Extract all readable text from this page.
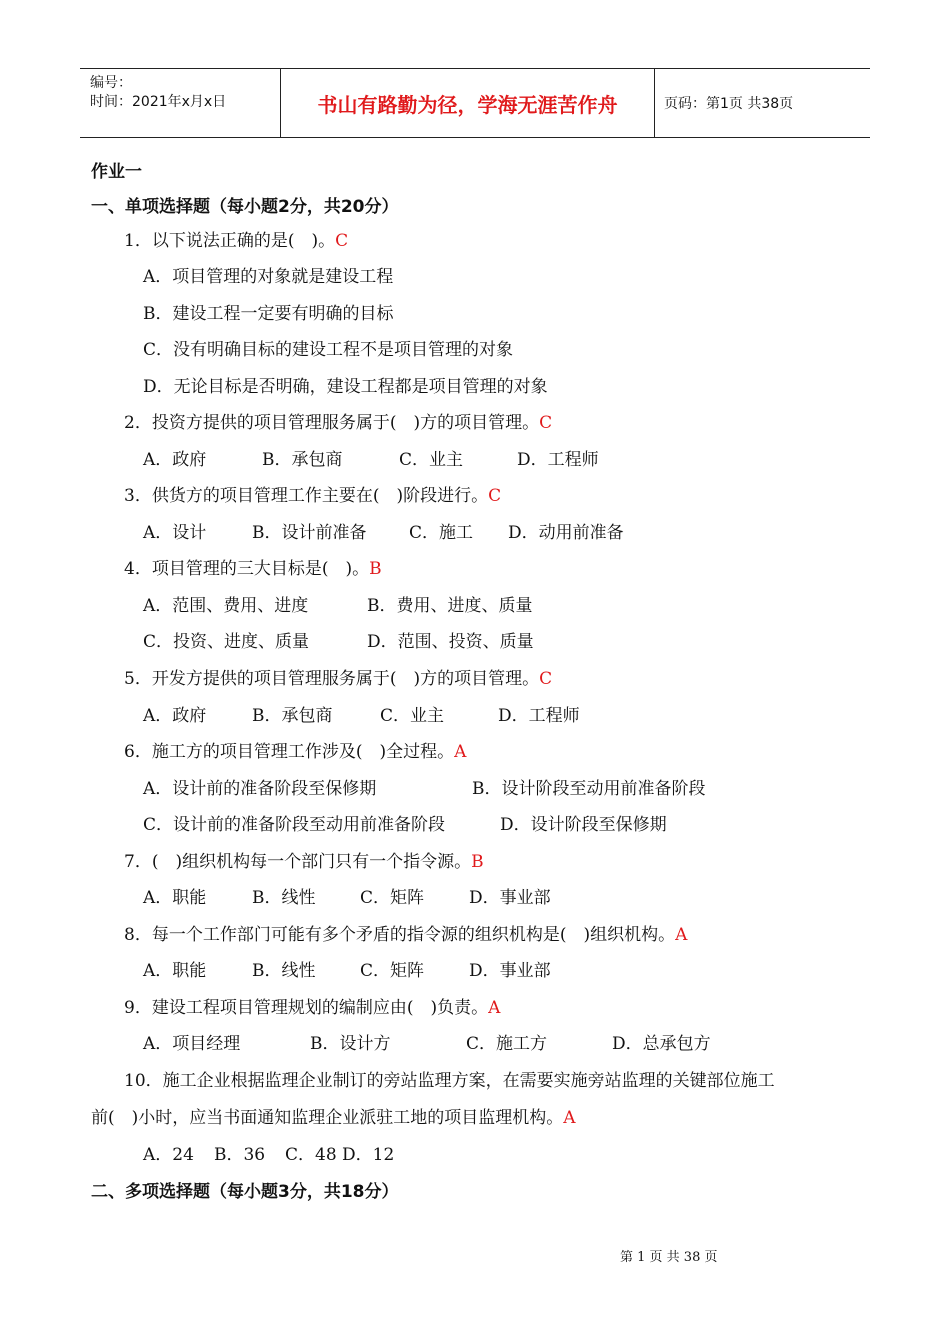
编号：
时间：2021年x月x日	书山有路勤为径，学海无涯苦作舟	页码：第1页 共38页
作业一
一、单项选择题（每小题2分，共20分）
1．以下说法正确的是(　)。C
A．项目管理的对象就是建设工程
B．建设工程一定要有明确的目标
C．没有明确目标的建设工程不是项目管理的对象
D．无论目标是否明确，建设工程都是项目管理的对象
2．投资方提供的项目管理服务属于(　)方的项目管理。C
A．政府	B．承包商	C．业主	D．工程师
3．供货方的项目管理工作主要在(　)阶段进行。C
A．设计	B．设计前准备	C．施工 D．动用前准备
4．项目管理的三大目标是(　)。B
A．范围、费用、进度	B．费用、进度、质量
C．投资、进度、质量	D．范围、投资、质量
5．开发方提供的项目管理服务属于(　)方的项目管理。C
A．政府	B．承包商	C．业主	D．工程师
6．施工方的项目管理工作涉及(　)全过程。A
A．设计前的准备阶段至保修期	B．设计阶段至动用前准备阶段
C．设计前的准备阶段至动用前准备阶段	D．设计阶段至保修期
7．(　)组织机构每一个部门只有一个指令源。B
A．职能	B．线性	C．矩阵	D．事业部
8．每一个工作部门可能有多个矛盾的指令源的组织机构是(　)组织机构。A
A．职能	B．线性	C．矩阵	D．事业部
9．建设工程项目管理规划的编制应由(　)负责。A
A．项目经理	B．设计方	C．施工方	D．总承包方
10．施工企业根据监理企业制订的旁站监理方案，在需要实施旁站监理的关键部位施工
前(　)小时，应当书面通知监理企业派驻工地的项目监理机构。A
A．24 B．36 C．48 D．12
二、多项选择题（每小题3分，共18分）
第 1 页 共 38 页
